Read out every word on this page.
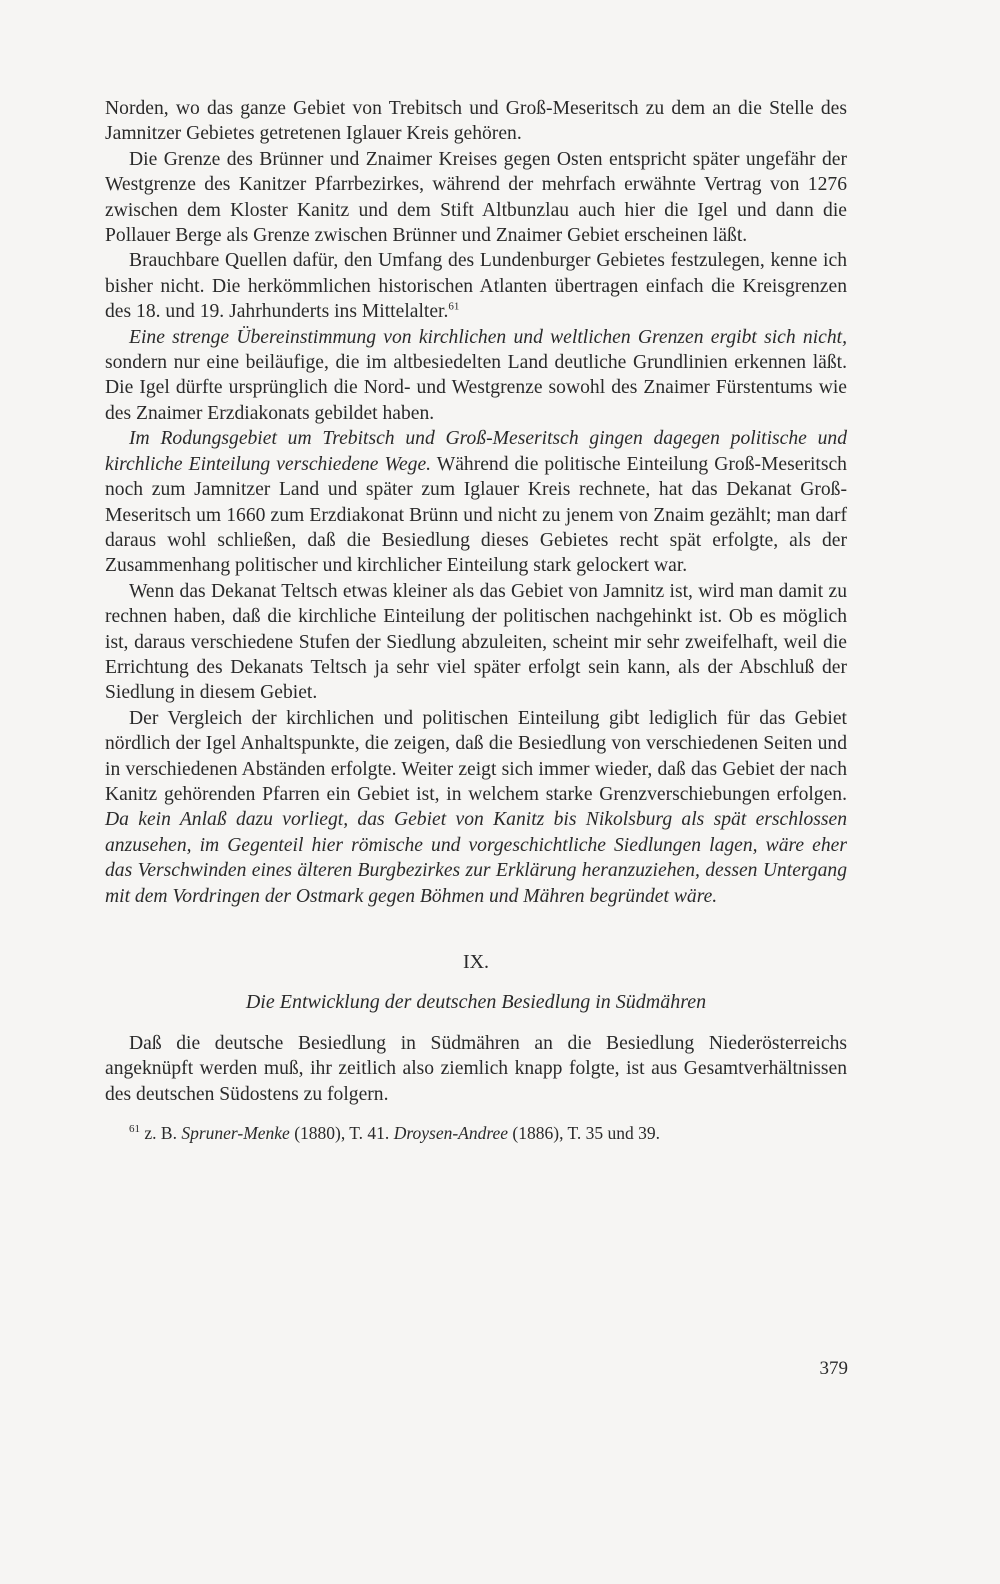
Norden, wo das ganze Gebiet von Trebitsch und Groß-Meseritsch zu dem an die Stelle des Jamnitzer Gebietes getretenen Iglauer Kreis gehören.

Die Grenze des Brünner und Znaimer Kreises gegen Osten entspricht später ungefähr der Westgrenze des Kanitzer Pfarrbezirkes, während der mehrfach erwähnte Vertrag von 1276 zwischen dem Kloster Kanitz und dem Stift Altbunzlau auch hier die Igel und dann die Pollauer Berge als Grenze zwischen Brünner und Znaimer Gebiet erscheinen läßt.

Brauchbare Quellen dafür, den Umfang des Lundenburger Gebietes festzulegen, kenne ich bisher nicht. Die herkömmlichen historischen Atlanten übertragen einfach die Kreisgrenzen des 18. und 19. Jahrhunderts ins Mittelalter.$^{61}$

Eine strenge Übereinstimmung von kirchlichen und weltlichen Grenzen ergibt sich nicht, sondern nur eine beiläufige, die im altbesiedelten Land deutliche Grundlinien erkennen läßt. Die Igel dürfte ursprünglich die Nord- und Westgrenze sowohl des Znaimer Fürstentums wie des Znaimer Erzdiakonats gebildet haben.

Im Rodungsgebiet um Trebitsch und Groß-Meseritsch gingen dagegen politische und kirchliche Einteilung verschiedene Wege. Während die politische Einteilung Groß-Meseritsch noch zum Jamnitzer Land und später zum Iglauer Kreis rechnete, hat das Dekanat Groß-Meseritsch um 1660 zum Erzdiakonat Brünn und nicht zu jenem von Znaim gezählt; man darf daraus wohl schließen, daß die Besiedlung dieses Gebietes recht spät erfolgte, als der Zusammenhang politischer und kirchlicher Einteilung stark gelockert war.

Wenn das Dekanat Teltsch etwas kleiner als das Gebiet von Jamnitz ist, wird man damit zu rechnen haben, daß die kirchliche Einteilung der politischen nachgehinkt ist. Ob es möglich ist, daraus verschiedene Stufen der Siedlung abzuleiten, scheint mir sehr zweifelhaft, weil die Errichtung des Dekanats Teltsch ja sehr viel später erfolgt sein kann, als der Abschluß der Siedlung in diesem Gebiet.

Der Vergleich der kirchlichen und politischen Einteilung gibt lediglich für das Gebiet nördlich der Igel Anhaltspunkte, die zeigen, daß die Besiedlung von verschiedenen Seiten und in verschiedenen Abständen erfolgte. Weiter zeigt sich immer wieder, daß das Gebiet der nach Kanitz gehörenden Pfarren ein Gebiet ist, in welchem starke Grenzverschiebungen erfolgen. Da kein Anlaß dazu vorliegt, das Gebiet von Kanitz bis Nikolsburg als spät erschlossen anzusehen, im Gegenteil hier römische und vorgeschichtliche Siedlungen lagen, wäre eher das Verschwinden eines älteren Burgbezirkes zur Erklärung heranzuziehen, dessen Untergang mit dem Vordringen der Ostmark gegen Böhmen und Mähren begründet wäre.

IX.
Die Entwicklung der deutschen Besiedlung in Südmähren

Daß die deutsche Besiedlung in Südmähren an die Besiedlung Niederösterreichs angeknüpft werden muß, ihr zeitlich also ziemlich knapp folgte, ist aus Gesamtverhältnissen des deutschen Südostens zu folgern.

$^{61}$ z. B. Spruner-Menke (1880), T. 41. Droysen-Andree (1886), T. 35 und 39.

379
